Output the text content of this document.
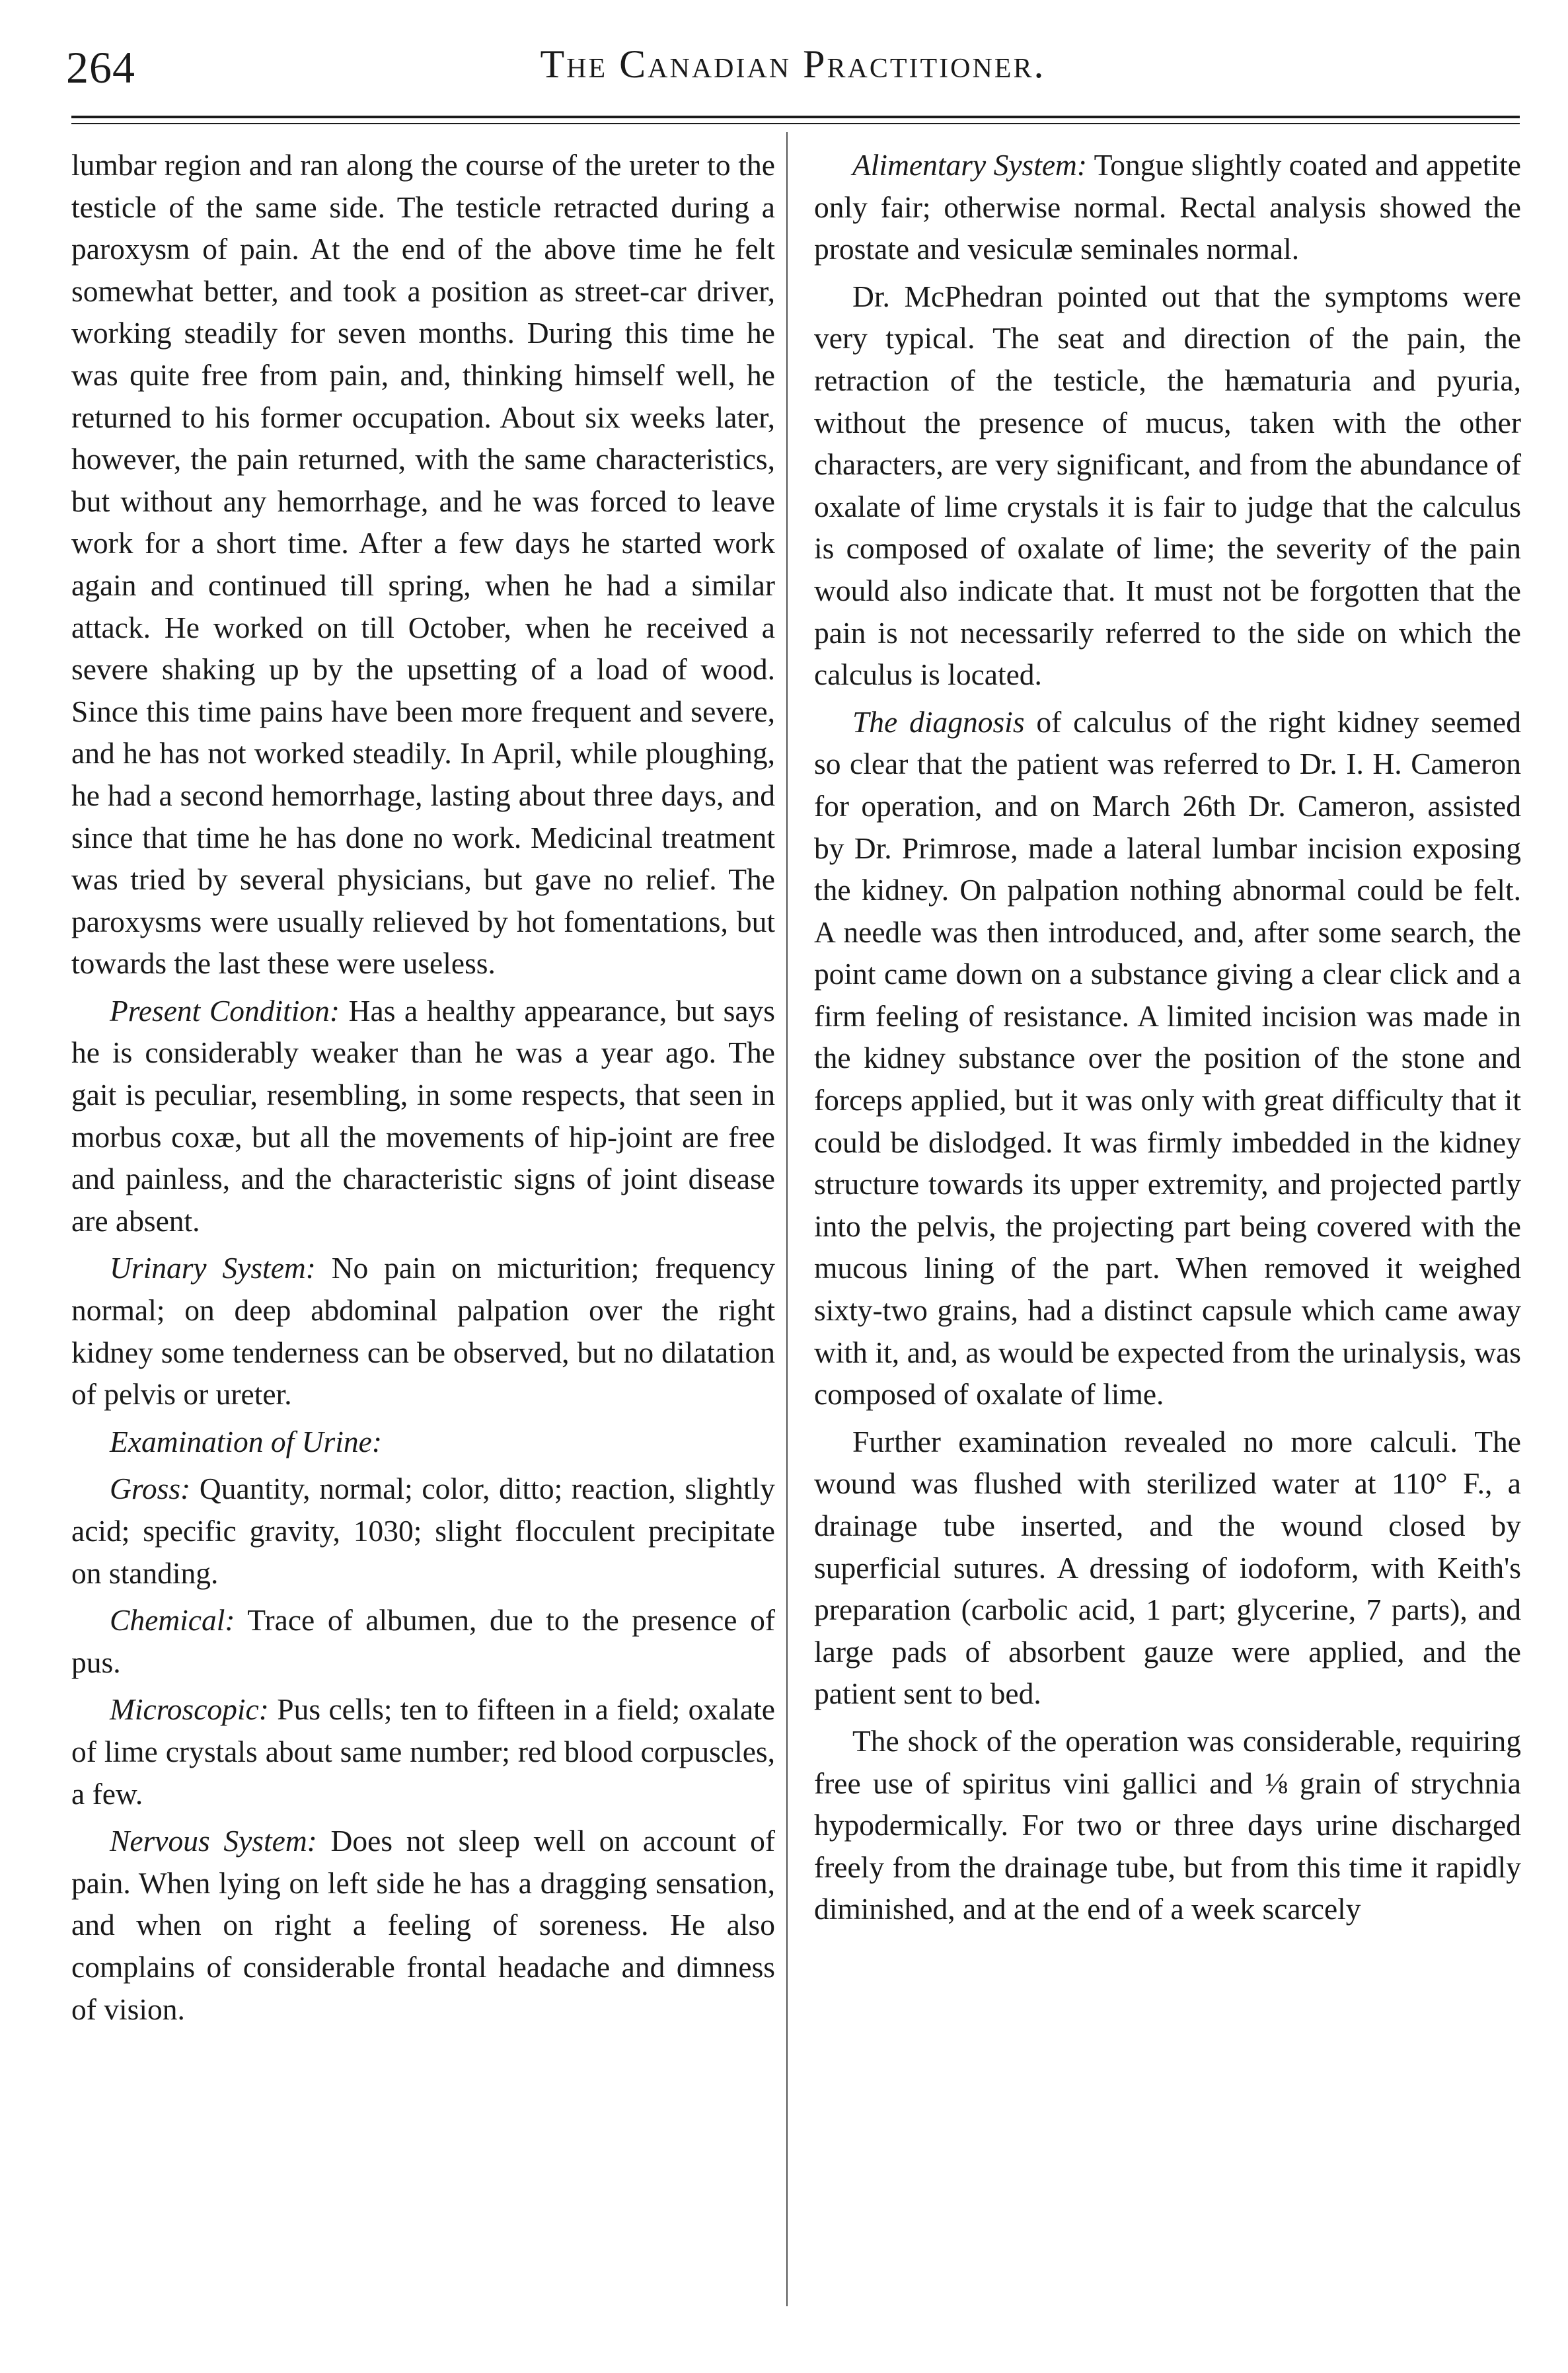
264	The Canadian Practitioner.

lumbar region and ran along the course of the ureter to the testicle of the same side. The testicle retracted during a paroxysm of pain. At the end of the above time he felt somewhat better, and took a position as street-car driver, working steadily for seven months. During this time he was quite free from pain, and, thinking himself well, he returned to his former occupation. About six weeks later, however, the pain returned, with the same characteristics, but without any hemorrhage, and he was forced to leave work for a short time. After a few days he started work again and continued till spring, when he had a similar attack. He worked on till October, when he received a severe shaking up by the upsetting of a load of wood. Since this time pains have been more frequent and severe, and he has not worked steadily. In April, while ploughing, he had a second hemorrhage, lasting about three days, and since that time he has done no work. Medicinal treatment was tried by several physicians, but gave no relief. The paroxysms were usually relieved by hot fomentations, but towards the last these were useless.

Present Condition: Has a healthy appearance, but says he is considerably weaker than he was a year ago. The gait is peculiar, resembling, in some respects, that seen in morbus coxæ, but all the movements of hip-joint are free and painless, and the characteristic signs of joint disease are absent.

Urinary System: No pain on micturition; frequency normal; on deep abdominal palpation over the right kidney some tenderness can be observed, but no dilatation of pelvis or ureter.

Examination of Urine:

Gross: Quantity, normal; color, ditto; reaction, slightly acid; specific gravity, 1030; slight flocculent precipitate on standing.

Chemical: Trace of albumen, due to the presence of pus.

Microscopic: Pus cells; ten to fifteen in a field; oxalate of lime crystals about same number; red blood corpuscles, a few.

Nervous System: Does not sleep well on account of pain. When lying on left side he has a dragging sensation, and when on right a feeling of soreness. He also complains of considerable frontal headache and dimness of vision.

Alimentary System: Tongue slightly coated and appetite only fair; otherwise normal. Rectal analysis showed the prostate and vesiculæ seminales normal.

Dr. McPhedran pointed out that the symptoms were very typical. The seat and direction of the pain, the retraction of the testicle, the hæmaturia and pyuria, without the presence of mucus, taken with the other characters, are very significant, and from the abundance of oxalate of lime crystals it is fair to judge that the calculus is composed of oxalate of lime; the severity of the pain would also indicate that. It must not be forgotten that the pain is not necessarily referred to the side on which the calculus is located.

The diagnosis of calculus of the right kidney seemed so clear that the patient was referred to Dr. I. H. Cameron for operation, and on March 26th Dr. Cameron, assisted by Dr. Primrose, made a lateral lumbar incision exposing the kidney. On palpation nothing abnormal could be felt. A needle was then introduced, and, after some search, the point came down on a substance giving a clear click and a firm feeling of resistance. A limited incision was made in the kidney substance over the position of the stone and forceps applied, but it was only with great difficulty that it could be dislodged. It was firmly imbedded in the kidney structure towards its upper extremity, and projected partly into the pelvis, the projecting part being covered with the mucous lining of the part. When removed it weighed sixty-two grains, had a distinct capsule which came away with it, and, as would be expected from the urinalysis, was composed of oxalate of lime.

Further examination revealed no more calculi. The wound was flushed with sterilized water at 110° F., a drainage tube inserted, and the wound closed by superficial sutures. A dressing of iodoform, with Keith's preparation (carbolic acid, 1 part; glycerine, 7 parts), and large pads of absorbent gauze were applied, and the patient sent to bed.

The shock of the operation was considerable, requiring free use of spiritus vini gallici and ⅛ grain of strychnia hypodermically. For two or three days urine discharged freely from the drainage tube, but from this time it rapidly diminished, and at the end of a week scarcely
